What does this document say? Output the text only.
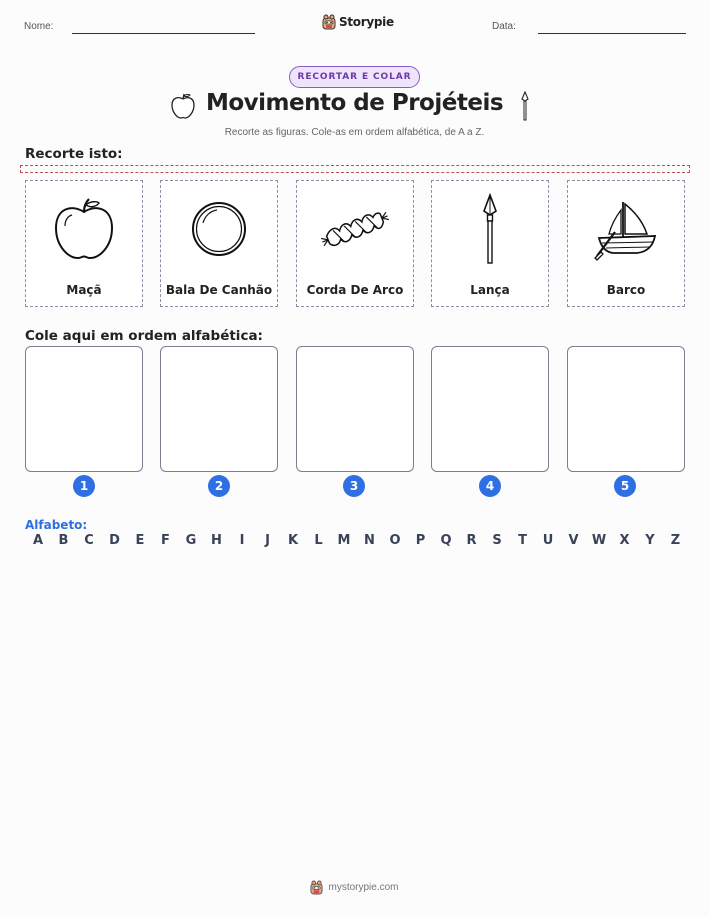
Nome:	Storypie	Data:
RECORTAR E COLAR
Movimento de Projéteis
Recorte as figuras. Cole-as em ordem alfabética, de A a Z.
Recorte isto:
Maçã	Bala De Canhão	Corda De Arco	Lança	Barco
Cole aqui em ordem alfabética:
1	2	3	4	5
Alfabeto:
A	B	C	D	E	F	G	H	I	J	K	L	M	N	O	P	Q	R	S	T	U	V	W	X	Y	Z
mystorypie.com
